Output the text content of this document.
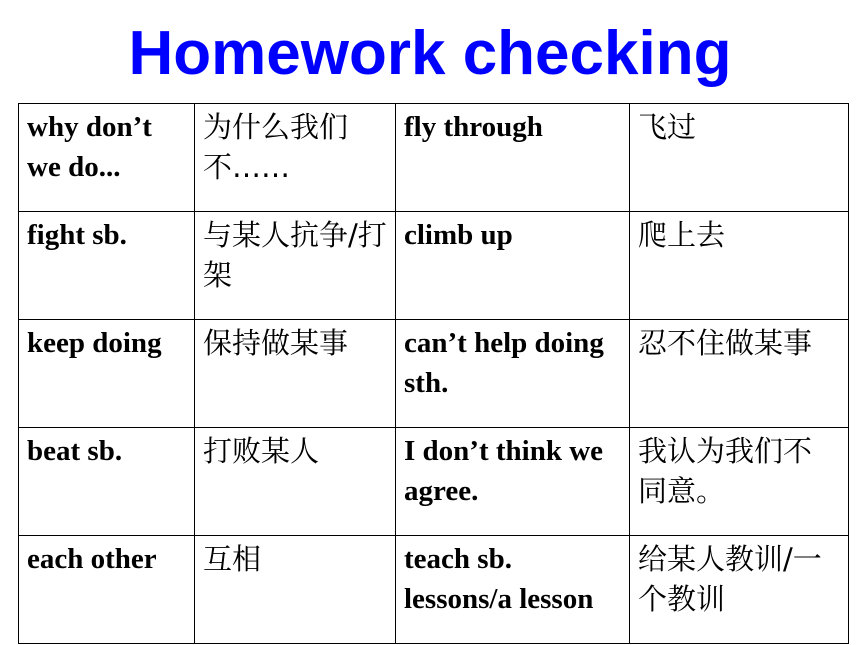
Homework checking
why don’t we do...	为什么我们不……	fly through	飞过
fight sb.	与某人抗争/打架	climb up	爬上去
keep doing	保持做某事	can’t help doing sth.	忍不住做某事
beat sb.	打败某人	I don’t think we agree.	我认为我们不同意。
each other	互相	teach sb. lessons/a lesson	给某人教训/一个教训
